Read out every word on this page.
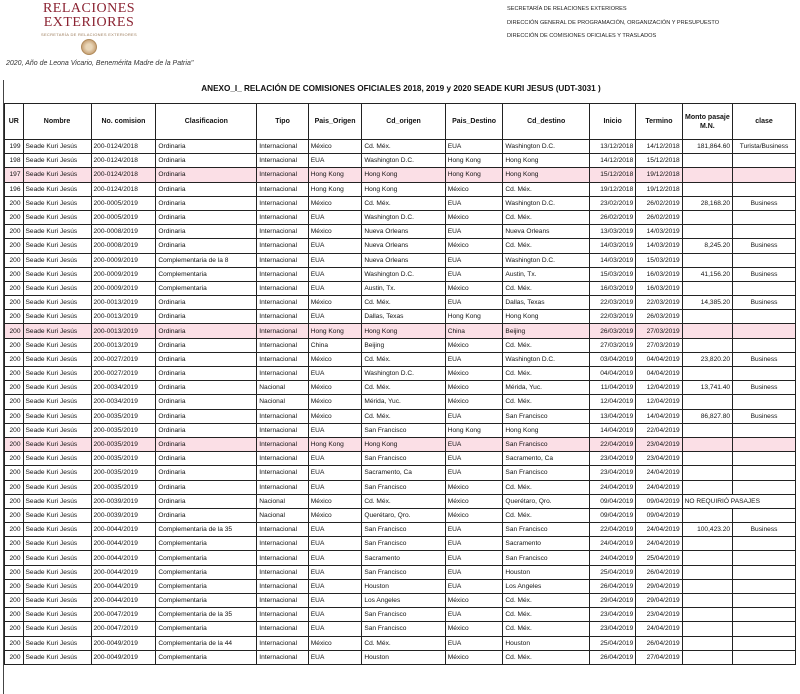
RELACIONES
EXTERIORES
SECRETARÍA DE RELACIONES EXTERIORES
2020, Año de Leona Vicario, Benemérita Madre de la Patria"
SECRETARÍA DE RELACIONES EXTERIORES
DIRECCIÓN GENERAL DE PROGRAMACIÓN, ORGANIZACIÓN Y PRESUPUESTO
DIRECCIÓN DE COMISIONES OFICIALES Y TRASLADOS
ANEXO_I_ RELACIÓN DE COMISIONES OFICIALES 2018, 2019 y 2020 SEADE KURI JESUS (UDT-3031 )
UR	Nombre	No. comision	Clasificacion	Tipo	Pais_Origen	Cd_origen	Pais_Destino	Cd_destino	Inicio	Termino	Monto pasaje M.N.	clase
199	Seade Kuri Jesús	200-0124/2018	Ordinaria	Internacional	México	Cd. Méx.	EUA	Washington D.C.	13/12/2018	14/12/2018	181,864.60	Turista/Business
198	Seade Kuri Jesús	200-0124/2018	Ordinaria	Internacional	EUA	Washington D.C.	Hong Kong	Hong Kong	14/12/2018	15/12/2018		
197	Seade Kuri Jesús	200-0124/2018	Ordinaria	Internacional	Hong Kong	Hong Kong	Hong Kong	Hong Kong	15/12/2018	19/12/2018		
196	Seade Kuri Jesús	200-0124/2018	Ordinaria	Internacional	Hong Kong	Hong Kong	México	Cd. Méx.	19/12/2018	19/12/2018		
200	Seade Kuri Jesús	200-0005/2019	Ordinaria	Internacional	México	Cd. Méx.	EUA	Washington D.C.	23/02/2019	26/02/2019	28,168.20	Business
200	Seade Kuri Jesús	200-0005/2019	Ordinaria	Internacional	EUA	Washington D.C.	México	Cd. Méx.	26/02/2019	26/02/2019		
200	Seade Kuri Jesús	200-0008/2019	Ordinaria	Internacional	México	Nueva Orleans	EUA	Nueva Orleans	13/03/2019	14/03/2019		
200	Seade Kuri Jesús	200-0008/2019	Ordinaria	Internacional	EUA	Nueva Orleans	México	Cd. Méx.	14/03/2019	14/03/2019	8,245.20	Business
200	Seade Kuri Jesús	200-0009/2019	Complementaria de la 8	Internacional	EUA	Nueva Orleans	EUA	Washington D.C.	14/03/2019	15/03/2019		
200	Seade Kuri Jesús	200-0009/2019	Complementaria	Internacional	EUA	Washington D.C.	EUA	Austin, Tx.	15/03/2019	16/03/2019	41,156.20	Business
200	Seade Kuri Jesús	200-0009/2019	Complementaria	Internacional	EUA	Austin, Tx.	México	Cd. Méx.	16/03/2019	16/03/2019		
200	Seade Kuri Jesús	200-0013/2019	Ordinaria	Internacional	México	Cd. Méx.	EUA	Dallas, Texas	22/03/2019	22/03/2019	14,385.20	Business
200	Seade Kuri Jesús	200-0013/2019	Ordinaria	Internacional	EUA	Dallas, Texas	Hong Kong	Hong Kong	22/03/2019	26/03/2019		
200	Seade Kuri Jesús	200-0013/2019	Ordinaria	Internacional	Hong Kong	Hong Kong	China	Beijing	26/03/2019	27/03/2019		
200	Seade Kuri Jesús	200-0013/2019	Ordinaria	Internacional	China	Beijing	México	Cd. Méx.	27/03/2019	27/03/2019		
200	Seade Kuri Jesús	200-0027/2019	Ordinaria	Internacional	México	Cd. Méx.	EUA	Washington D.C.	03/04/2019	04/04/2019	23,820.20	Business
200	Seade Kuri Jesús	200-0027/2019	Ordinaria	Internacional	EUA	Washington D.C.	México	Cd. Méx.	04/04/2019	04/04/2019		
200	Seade Kuri Jesús	200-0034/2019	Ordinaria	Nacional	México	Cd. Méx.	México	Mérida, Yuc.	11/04/2019	12/04/2019	13,741.40	Business
200	Seade Kuri Jesús	200-0034/2019	Ordinaria	Nacional	México	Mérida, Yuc.	México	Cd. Méx.	12/04/2019	12/04/2019		
200	Seade Kuri Jesús	200-0035/2019	Ordinaria	Internacional	México	Cd. Méx.	EUA	San Francisco	13/04/2019	14/04/2019	86,827.80	Business
200	Seade Kuri Jesús	200-0035/2019	Ordinaria	Internacional	EUA	San Francisco	Hong Kong	Hong Kong	14/04/2019	22/04/2019		
200	Seade Kuri Jesús	200-0035/2019	Ordinaria	Internacional	Hong Kong	Hong Kong	EUA	San Francisco	22/04/2019	23/04/2019		
200	Seade Kuri Jesús	200-0035/2019	Ordinaria	Internacional	EUA	San Francisco	EUA	Sacramento, Ca	23/04/2019	23/04/2019		
200	Seade Kuri Jesús	200-0035/2019	Ordinaria	Internacional	EUA	Sacramento, Ca	EUA	San Francisco	23/04/2019	24/04/2019		
200	Seade Kuri Jesús	200-0035/2019	Ordinaria	Internacional	EUA	San Francisco	México	Cd. Méx.	24/04/2019	24/04/2019		
200	Seade Kuri Jesús	200-0039/2019	Ordinaria	Nacional	México	Cd. Méx.	México	Querétaro, Qro.	09/04/2019	09/04/2019	NO REQUIRIÓ PASAJES	
200	Seade Kuri Jesús	200-0039/2019	Ordinaria	Nacional	México	Querétaro, Qro.	México	Cd. Méx.	09/04/2019	09/04/2019		
200	Seade Kuri Jesús	200-0044/2019	Complementaria de la 35	Internacional	EUA	San Francisco	EUA	San Francisco	22/04/2019	24/04/2019	100,423.20	Business
200	Seade Kuri Jesús	200-0044/2019	Complementaria	Internacional	EUA	San Francisco	EUA	Sacramento	24/04/2019	24/04/2019		
200	Seade Kuri Jesús	200-0044/2019	Complementaria	Internacional	EUA	Sacramento	EUA	San Francisco	24/04/2019	25/04/2019		
200	Seade Kuri Jesús	200-0044/2019	Complementaria	Internacional	EUA	San Francisco	EUA	Houston	25/04/2019	26/04/2019		
200	Seade Kuri Jesús	200-0044/2019	Complementaria	Internacional	EUA	Houston	EUA	Los Angeles	26/04/2019	29/04/2019		
200	Seade Kuri Jesús	200-0044/2019	Complementaria	Internacional	EUA	Los Angeles	México	Cd. Méx.	29/04/2019	29/04/2019		
200	Seade Kuri Jesús	200-0047/2019	Complementaria de la 35	Internacional	EUA	San Francisco	EUA	Cd. Méx.	23/04/2019	23/04/2019		
200	Seade Kuri Jesús	200-0047/2019	Complementaria	Internacional	EUA	San Francisco	México	Cd. Méx.	23/04/2019	24/04/2019		
200	Seade Kuri Jesús	200-0049/2019	Complementaria de la 44	Internacional	México	Cd. Méx.	EUA	Houston	25/04/2019	26/04/2019		
200	Seade Kuri Jesús	200-0049/2019	Complementaria	Internacional	EUA	Houston	México	Cd. Méx.	26/04/2019	27/04/2019		
